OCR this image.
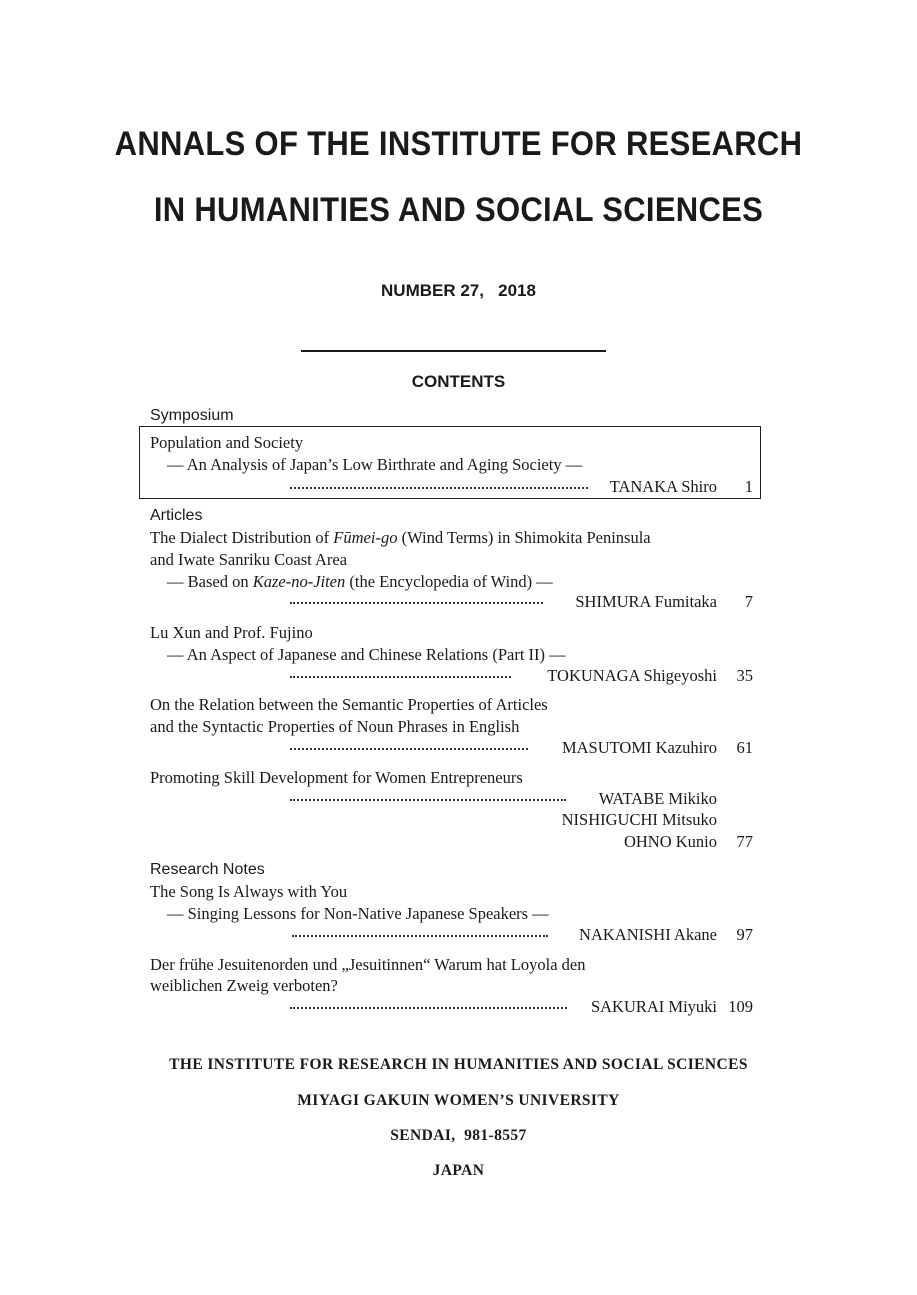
ANNALS OF THE INSTITUTE FOR RESEARCH
IN HUMANITIES AND SOCIAL SCIENCES
NUMBER 27,   2018
CONTENTS
Symposium
Population and Society
— An Analysis of Japan’s Low Birthrate and Aging Society —
TANAKA Shiro 1
Articles
The Dialect Distribution of Fūmei-go (Wind Terms) in Shimokita Peninsula
and Iwate Sanriku Coast Area
— Based on Kaze-no-Jiten (the Encyclopedia of Wind) —
SHIMURA Fumitaka 7
Lu Xun and Prof. Fujino
— An Aspect of Japanese and Chinese Relations (Part II) —
TOKUNAGA Shigeyoshi 35
On the Relation between the Semantic Properties of Articles
and the Syntactic Properties of Noun Phrases in English
MASUTOMI Kazuhiro 61
Promoting Skill Development for Women Entrepreneurs
WATABE Mikiko
NISHIGUCHI Mitsuko
OHNO Kunio 77
Research Notes
The Song Is Always with You
— Singing Lessons for Non-Native Japanese Speakers —
NAKANISHI Akane 97
Der frühe Jesuitenorden und „Jesuitinnen“ Warum hat Loyola den
weiblichen Zweig verboten?
SAKURAI Miyuki 109
THE INSTITUTE FOR RESEARCH IN HUMANITIES AND SOCIAL SCIENCES
MIYAGI GAKUIN WOMEN’S UNIVERSITY
SENDAI,  981-8557
JAPAN
